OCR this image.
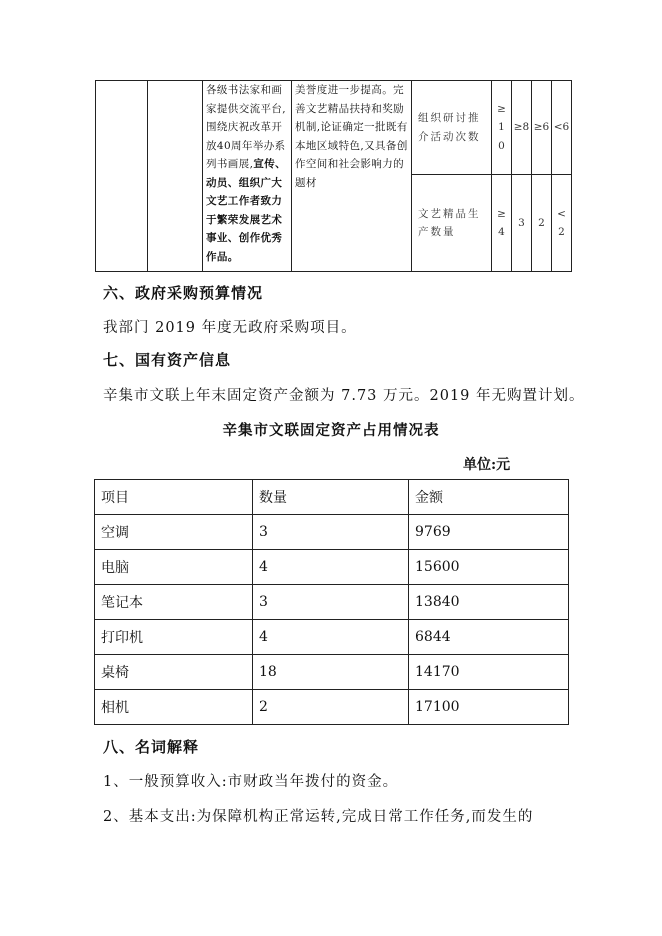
		各级书法家和画家提供交流平台,围绕庆祝改革开放40周年举办系列书画展,宣传、动员、组织广大文艺工作者致力于繁荣发展艺术事业、创作优秀作品。	美誉度进一步提高。完善文艺精品扶持和奖励机制,论证确定一批既有本地区域特色,又具备创作空间和社会影响力的题材	组织研讨推介活动次数	≥10	≥8	≥6	<6
				文艺精品生产数量	≥4	3	2	<2
六、政府采购预算情况
我部门 2019 年度无政府采购项目。
七、国有资产信息
辛集市文联上年末固定资产金额为 7.73 万元。2019 年无购置计划。
辛集市文联固定资产占用情况表
单位:元
项目	数量	金额
空调	3	9769
电脑	4	15600
笔记本	3	13840
打印机	4	6844
桌椅	18	14170
相机	2	17100
八、名词解释
1、一般预算收入:市财政当年拨付的资金。
2、基本支出:为保障机构正常运转,完成日常工作任务,而发生的
